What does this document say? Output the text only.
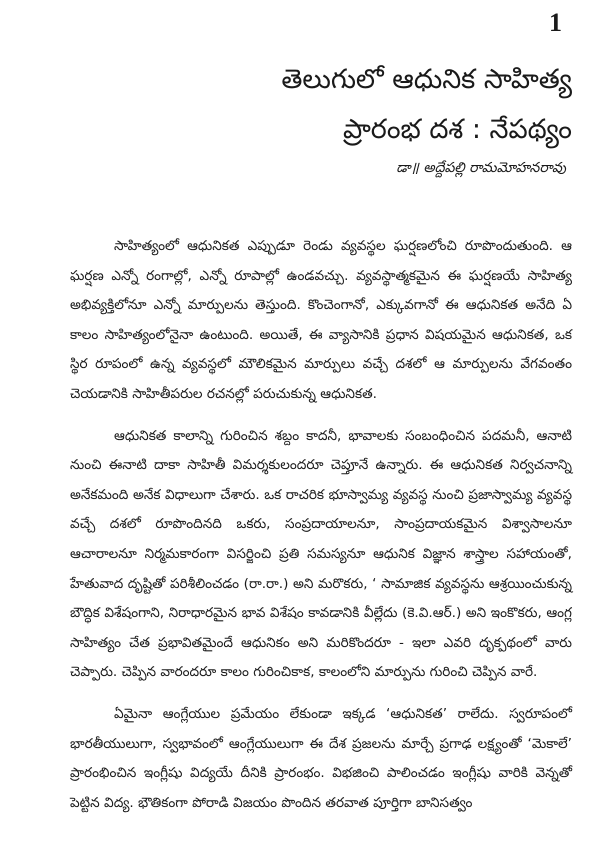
1
తెలుగులో ఆధునిక సాహిత్య
ప్రారంభ దశ : నేపథ్యం
డా॥ అద్దేపల్లి రామమోహనరావు

సాహిత్యంలో ఆధునికత ఎప్పుడూ రెండు వ్యవస్థల ఘర్షణలోంచి రూపొందుతుంది. ఆ ఘర్షణ ఎన్నో రంగాల్లో, ఎన్నో రూపాల్లో ఉండవచ్చు. వ్యవస్థాత్మకమైన ఈ ఘర్షణయే సాహిత్య అభివ్యక్తిలోనూ ఎన్నో మార్పులను తెస్తుంది. కొంచెంగానో, ఎక్కువగానో ఈ ఆధునికత అనేది ఏ కాలం సాహిత్యంలోనైనా ఉంటుంది. అయితే, ఈ వ్యాసానికి ప్రధాన విషయమైన ఆధునికత, ఒక స్థిర రూపంలో ఉన్న వ్యవస్థలో మౌలికమైన మార్పులు వచ్చే దశలో ఆ మార్పులను వేగవంతం చెయడానికి సాహితీపరుల రచనల్లో పరుచుకున్న ఆధునికత.

ఆధునికత కాలాన్ని గురించిన శబ్దం కాదనీ, భావాలకు సంబంధించిన పదమనీ, ఆనాటి నుంచి ఈనాటి దాకా సాహితీ విమర్శకులందరూ చెప్తూనే ఉన్నారు. ఈ ఆధునికత నిర్వచనాన్ని అనేకమంది అనేక విధాలుగా చేశారు. ఒక రాచరిక భూస్వామ్య వ్యవస్థ నుంచి ప్రజాస్వామ్య వ్యవస్థ వచ్చే దశలో రూపొందినది ఒకరు, సంప్రదాయాలనూ, సాంప్రదాయకమైన విశ్వాసాలనూ ఆచారాలనూ నిర్మమకారంగా విసర్జించి ప్రతి సమస్యనూ ఆధునిక విజ్ఞాన శాస్త్రాల సహాయంతో, హేతువాద దృష్టితో పరిశీలించడం (రా.రా.) అని మరొకరు, ‘ సామాజిక వ్యవస్థను ఆశ్రయించుకున్న బౌద్ధిక విశేషంగాని, నిరాధారమైన భావ విశేషం కావడానికి వీల్లేదు (కె.వి.ఆర్.) అని ఇంకొకరు, ఆంగ్ల సాహిత్యం చేత ప్రభావితమైందే ఆధునికం అని మరికొందరూ - ఇలా ఎవరి దృక్పథంలో వారు చెప్పారు. చెప్పిన వారందరూ కాలం గురించికాక, కాలంలోని మార్పును గురించి చెప్పిన వారే.

ఏమైనా ఆంగ్లేయుల ప్రమేయం లేకుండా ఇక్కడ ‘ఆధునికత’ రాలేదు. స్వరూపంలో భారతీయులుగా, స్వభావంలో ఆంగ్లేయులుగా ఈ దేశ ప్రజలను మార్చే ప్రగాఢ లక్ష్యంతో ‘మెకాలే’ ప్రారంభించిన ఇంగ్లీషు విద్యయే దీనికి ప్రారంభం. విభజించి పాలించడం ఇంగ్లీషు వారికి వెన్నతో పెట్టిన విద్య. భౌతికంగా పోరాడి విజయం పొందిన తరవాత పూర్తిగా బానిసత్వం
